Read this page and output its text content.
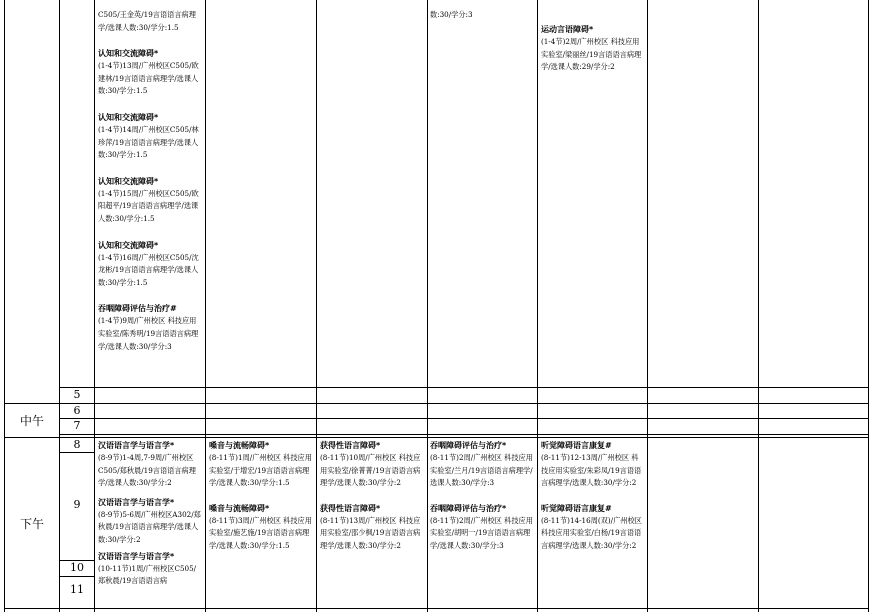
5
6
7
8
9
10
11
中午
下午
C505/王金英/19言语语言病理学/选课人数:30/学分:1.5
认知和交流障碍*
(1-4节)13周/广州校区C505/欧建林/19言语语言病理学/选课人数:30/学分:1.5
认知和交流障碍*
(1-4节)14周/广州校区C505/林珍萍/19言语语言病理学/选课人数:30/学分:1.5
认知和交流障碍*
(1-4节)15周/广州校区C505/欧阳超平/19言语语言病理学/选课人数:30/学分:1.5
认知和交流障碍*
(1-4节)16周/广州校区C505/沈龙彬/19言语语言病理学/选课人数:30/学分:1.5
吞咽障碍评估与治疗#
(1-4节)9周/广州校区 科技应用实验室/陈秀明/19言语语言病理学/选课人数:30/学分:3
数:30/学分:3
运动言语障碍*
(1-4节)2周/广州校区 科技应用实验室/梁丽丝/19言语语言病理学/选课人数:29/学分:2
汉语语言学与语言学*
(8-9节)1-4周,7-9周/广州校区C505/郑秋晨/19言语语言病理学/选课人数:30/学分:2
汉语语言学与语言学*
(8-9节)5-6周/广州校区A302/郑秋晨/19言语语言病理学/选课人数:30/学分:2
汉语语言学与语言学*
(10-11节)1周/广州校区C505/郑秋晨/19言语语言病
嗓音与流畅障碍*
(8-11节)1周/广州校区 科技应用实验室/于增宏/19言语语言病理学/选课人数:30/学分:1.5
嗓音与流畅障碍*
(8-11节)3周/广州校区 科技应用实验室/施艺施/19言语语言病理学/选课人数:30/学分:1.5
获得性语言障碍*
(8-11节)10周/广州校区 科技应用实验室/徐菁菁/19言语语言病理学/选课人数:30/学分:2
获得性语言障碍*
(8-11节)13周/广州校区 科技应用实验室/邵少枫/19言语语言病理学/选课人数:30/学分:2
吞咽障碍评估与治疗*
(8-11节)2周/广州校区 科技应用实验室/兰月/19言语语言病理学/选课人数:30/学分:3
吞咽障碍评估与治疗*
(8-11节)2周/广州校区 科技应用实验室/胡明一/19言语语言病理学/选课人数:30/学分:3
听觉障碍语言康复#
(8-11节)12-13周/广州校区 科技应用实验室/朱彩凤/19言语语言病理学/选课人数:30/学分:2
听觉障碍语言康复#
(8-11节)14-16周(双)/广州校区 科技应用实验室/白杨/19言语语言病理学/选课人数:30/学分:2
